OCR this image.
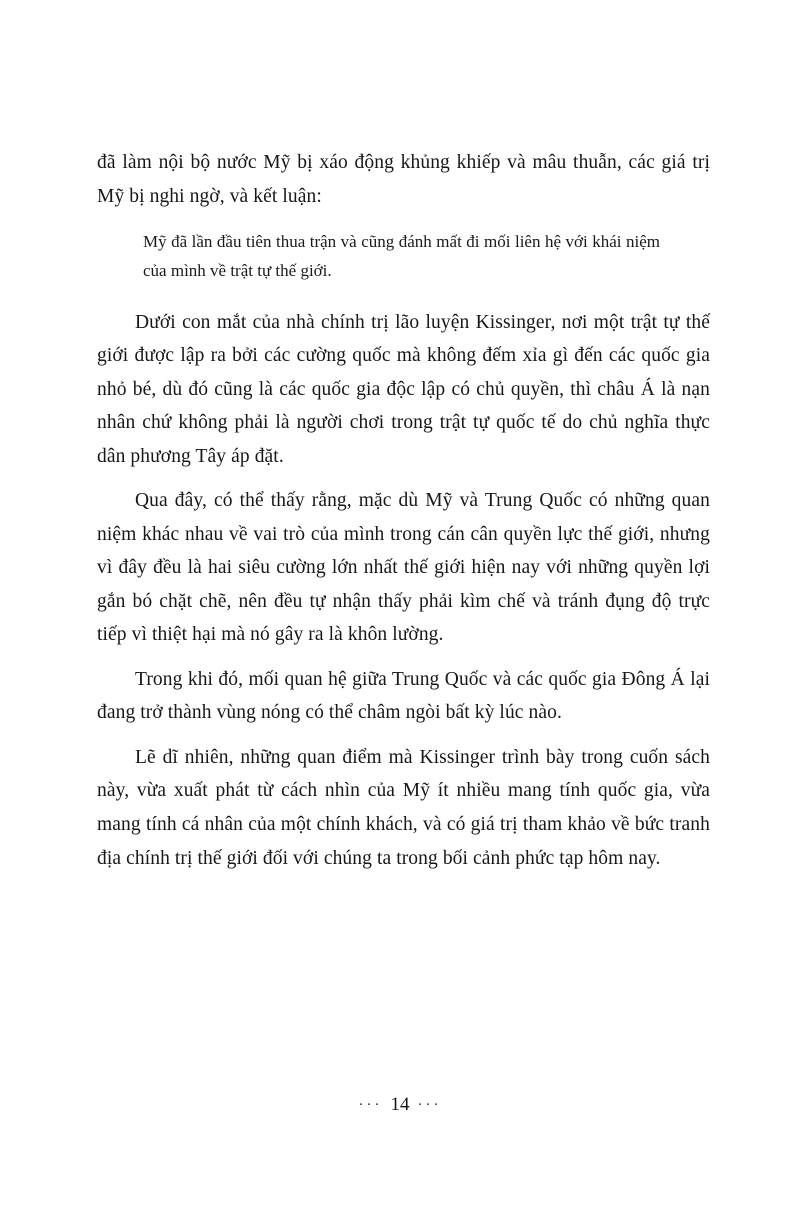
đã làm nội bộ nước Mỹ bị xáo động khủng khiếp và mâu thuẫn, các giá trị Mỹ bị nghi ngờ, và kết luận:

Mỹ đã lần đầu tiên thua trận và cũng đánh mất đi mối liên hệ với khái niệm của mình về trật tự thế giới.

Dưới con mắt của nhà chính trị lão luyện Kissinger, nơi một trật tự thế giới được lập ra bởi các cường quốc mà không đếm xỉa gì đến các quốc gia nhỏ bé, dù đó cũng là các quốc gia độc lập có chủ quyền, thì châu Á là nạn nhân chứ không phải là người chơi trong trật tự quốc tế do chủ nghĩa thực dân phương Tây áp đặt.

Qua đây, có thể thấy rằng, mặc dù Mỹ và Trung Quốc có những quan niệm khác nhau về vai trò của mình trong cán cân quyền lực thế giới, nhưng vì đây đều là hai siêu cường lớn nhất thế giới hiện nay với những quyền lợi gắn bó chặt chẽ, nên đều tự nhận thấy phải kìm chế và tránh đụng độ trực tiếp vì thiệt hại mà nó gây ra là khôn lường.

Trong khi đó, mối quan hệ giữa Trung Quốc và các quốc gia Đông Á lại đang trở thành vùng nóng có thể châm ngòi bất kỳ lúc nào.

Lẽ dĩ nhiên, những quan điểm mà Kissinger trình bày trong cuốn sách này, vừa xuất phát từ cách nhìn của Mỹ ít nhiều mang tính quốc gia, vừa mang tính cá nhân của một chính khách, và có giá trị tham khảo về bức tranh địa chính trị thế giới đối với chúng ta trong bối cảnh phức tạp hôm nay.

··· 14 ···
